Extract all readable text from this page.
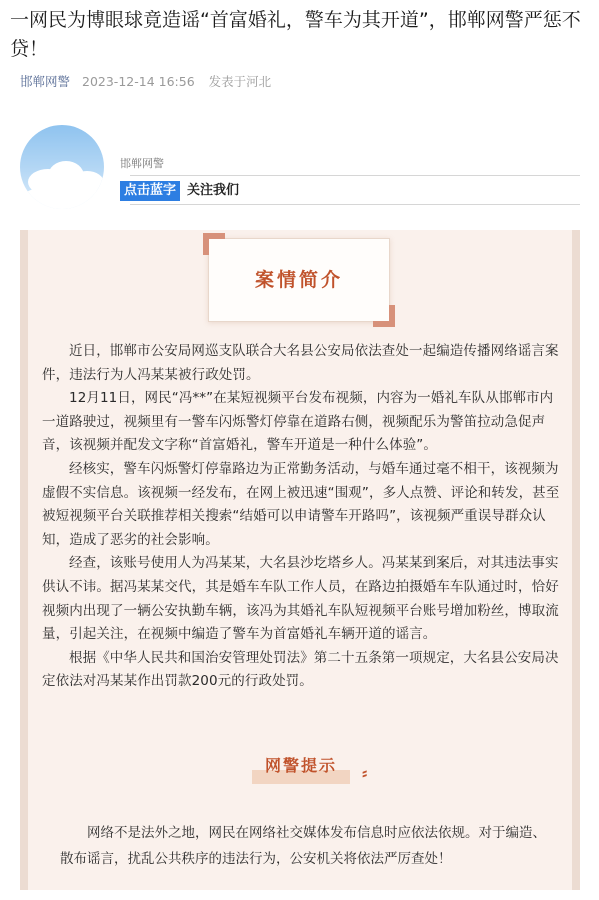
一网民为博眼球竟造谣“首富婚礼，警车为其开道”，邯郸网警严惩不贷！
邯郸网警 2023-12-14 16:56 发表于河北
邯郸网警
点击蓝字 关注我们
案情简介

近日，邯郸市公安局网巡支队联合大名县公安局依法查处一起编造传播网络谣言案件，违法行为人冯某某被行政处罚。

12月11日，网民“冯**”在某短视频平台发布视频，内容为一婚礼车队从邯郸市内一道路驶过，视频里有一警车闪烁警灯停靠在道路右侧，视频配乐为警笛拉动急促声音，该视频并配发文字称“首富婚礼，警车开道是一种什么体验”。

经核实，警车闪烁警灯停靠路边为正常勤务活动，与婚车通过毫不相干，该视频为虚假不实信息。该视频一经发布，在网上被迅速“围观”，多人点赞、评论和转发，甚至被短视频平台关联推荐相关搜索“结婚可以申请警车开路吗”，该视频严重误导群众认知，造成了恶劣的社会影响。

经查，该账号使用人为冯某某，大名县沙圪塔乡人。冯某某到案后，对其违法事实供认不讳。据冯某某交代，其是婚车车队工作人员，在路边拍摄婚车车队通过时，恰好视频内出现了一辆公安执勤车辆，该冯为其婚礼车队短视频平台账号增加粉丝，博取流量，引起关注，在视频中编造了警车为首富婚礼车辆开道的谣言。

根据《中华人民共和国治安管理处罚法》第二十五条第一项规定，大名县公安局决定依法对冯某某作出罚款200元的行政处罚。

网警提示	⸗

网络不是法外之地，网民在网络社交媒体发布信息时应依法依规。对于编造、散布谣言，扰乱公共秩序的违法行为，公安机关将依法严厉查处！
